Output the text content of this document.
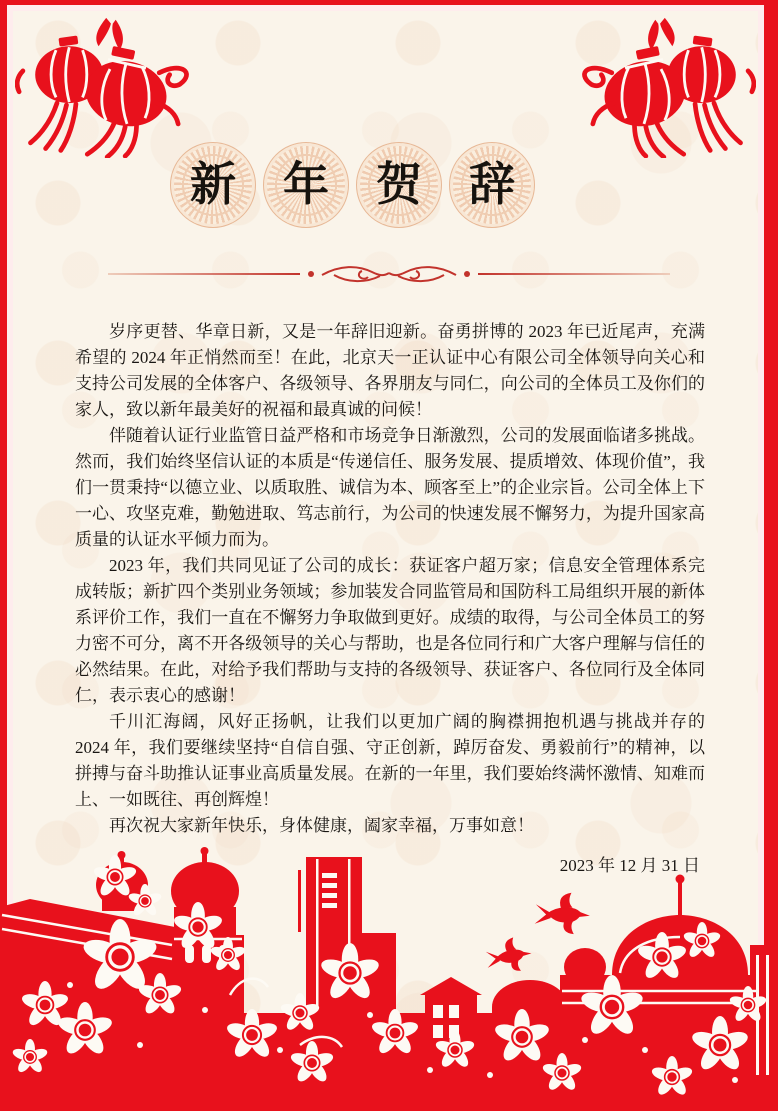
新 年 贺 辞

岁序更替、华章日新，又是一年辞旧迎新。奋勇拼博的 2023 年已近尾声，充满希望的 2024 年正悄然而至！在此，北京天一正认证中心有限公司全体领导向关心和支持公司发展的全体客户、各级领导、各界朋友与同仁，向公司的全体员工及你们的家人，致以新年最美好的祝福和最真诚的问候！

伴随着认证行业监管日益严格和市场竞争日渐激烈，公司的发展面临诸多挑战。然而，我们始终坚信认证的本质是“传递信任、服务发展、提质增效、体现价值”，我们一贯秉持“以德立业、以质取胜、诚信为本、顾客至上”的企业宗旨。公司全体上下一心、攻坚克难，勤勉进取、笃志前行，为公司的快速发展不懈努力，为提升国家高质量的认证水平倾力而为。

2023 年，我们共同见证了公司的成长：获证客户超万家；信息安全管理体系完成转版；新扩四个类别业务领域；参加装发合同监管局和国防科工局组织开展的新体系评价工作，我们一直在不懈努力争取做到更好。成绩的取得，与公司全体员工的努力密不可分，离不开各级领导的关心与帮助，也是各位同行和广大客户理解与信任的必然结果。在此，对给予我们帮助与支持的各级领导、获证客户、各位同行及全体同仁，表示衷心的感谢！

千川汇海阔，风好正扬帆，让我们以更加广阔的胸襟拥抱机遇与挑战并存的 2024 年，我们要继续坚持“自信自强、守正创新，踔厉奋发、勇毅前行”的精神，以拼搏与奋斗助推认证事业高质量发展。在新的一年里，我们要始终满怀激情、知难而上、一如既往、再创辉煌！

再次祝大家新年快乐，身体健康，阖家幸福，万事如意！

2023 年 12 月 31 日
